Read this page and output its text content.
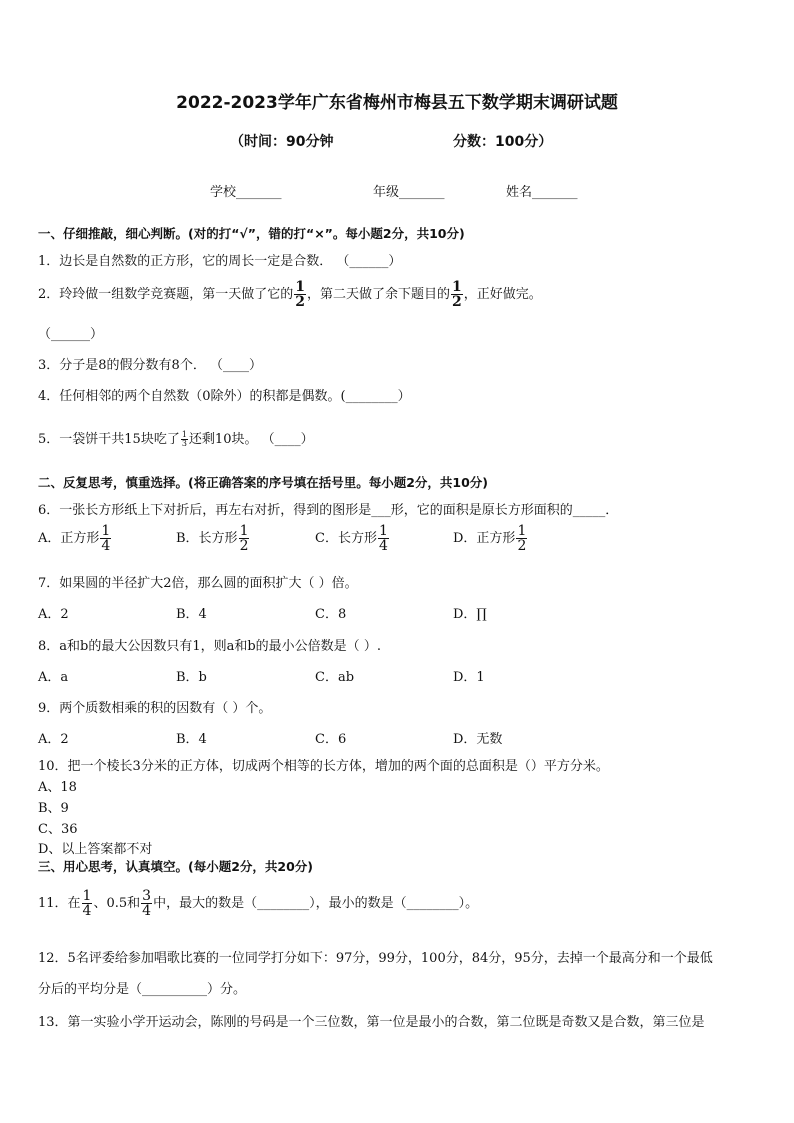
2022-2023学年广东省梅州市梅县五下数学期末调研试题
（时间：90分钟	分数：100分）
学校_______	年级_______	姓名_______
一、仔细推敲，细心判断。(对的打“√”，错的打“×”。每小题2分，共10分)
1．边长是自然数的正方形，它的周长一定是合数． （______）
2．玲玲做一组数学竞赛题，第一天做了它的 $\frac{1}{2}$ ，第二天做了余下题目的 $\frac{1}{2}$ ，正好做完。
（______）
3．分子是8的假分数有8个． （____）
4．任何相邻的两个自然数（0除外）的积都是偶数。(________）
5．一袋饼干共15块吃了 $\frac{1}{3}$ 还剩10块。 （____）
二、反复思考，慎重选择。(将正确答案的序号填在括号里。每小题2分，共10分)
6．一张长方形纸上下对折后，再左右对折，得到的图形是___形，它的面积是原长方形面积的_____．
A．正方形 $\frac{1}{4}$	B．长方形 $\frac{1}{2}$	C．长方形 $\frac{1}{4}$	D．正方形 $\frac{1}{2}$
7．如果圆的半径扩大2倍，那么圆的面积扩大（ ）倍。
A．2	B．4	C．8	D．∏
8．a和b的最大公因数只有1，则a和b的最小公倍数是（ ）.
A．a	B．b	C．ab	D．1
9．两个质数相乘的积的因数有（ ）个。
A．2	B．4	C．6	D．无数
10．把一个棱长3分米的正方体，切成两个相等的长方体，增加的两个面的总面积是（）平方分米。
A、18
B、9
C、36
D、以上答案都不对
三、用心思考，认真填空。(每小题2分，共20分)
11．在 $\frac{1}{4}$ 、0.5和 $\frac{3}{4}$ 中，最大的数是（________），最小的数是（________）。
12．5名评委给参加唱歌比赛的一位同学打分如下：97分，99分，100分，84分，95分，去掉一个最高分和一个最低
分后的平均分是（__________）分。
13．第一实验小学开运动会，陈刚的号码是一个三位数，第一位是最小的合数，第二位既是奇数又是合数，第三位是
